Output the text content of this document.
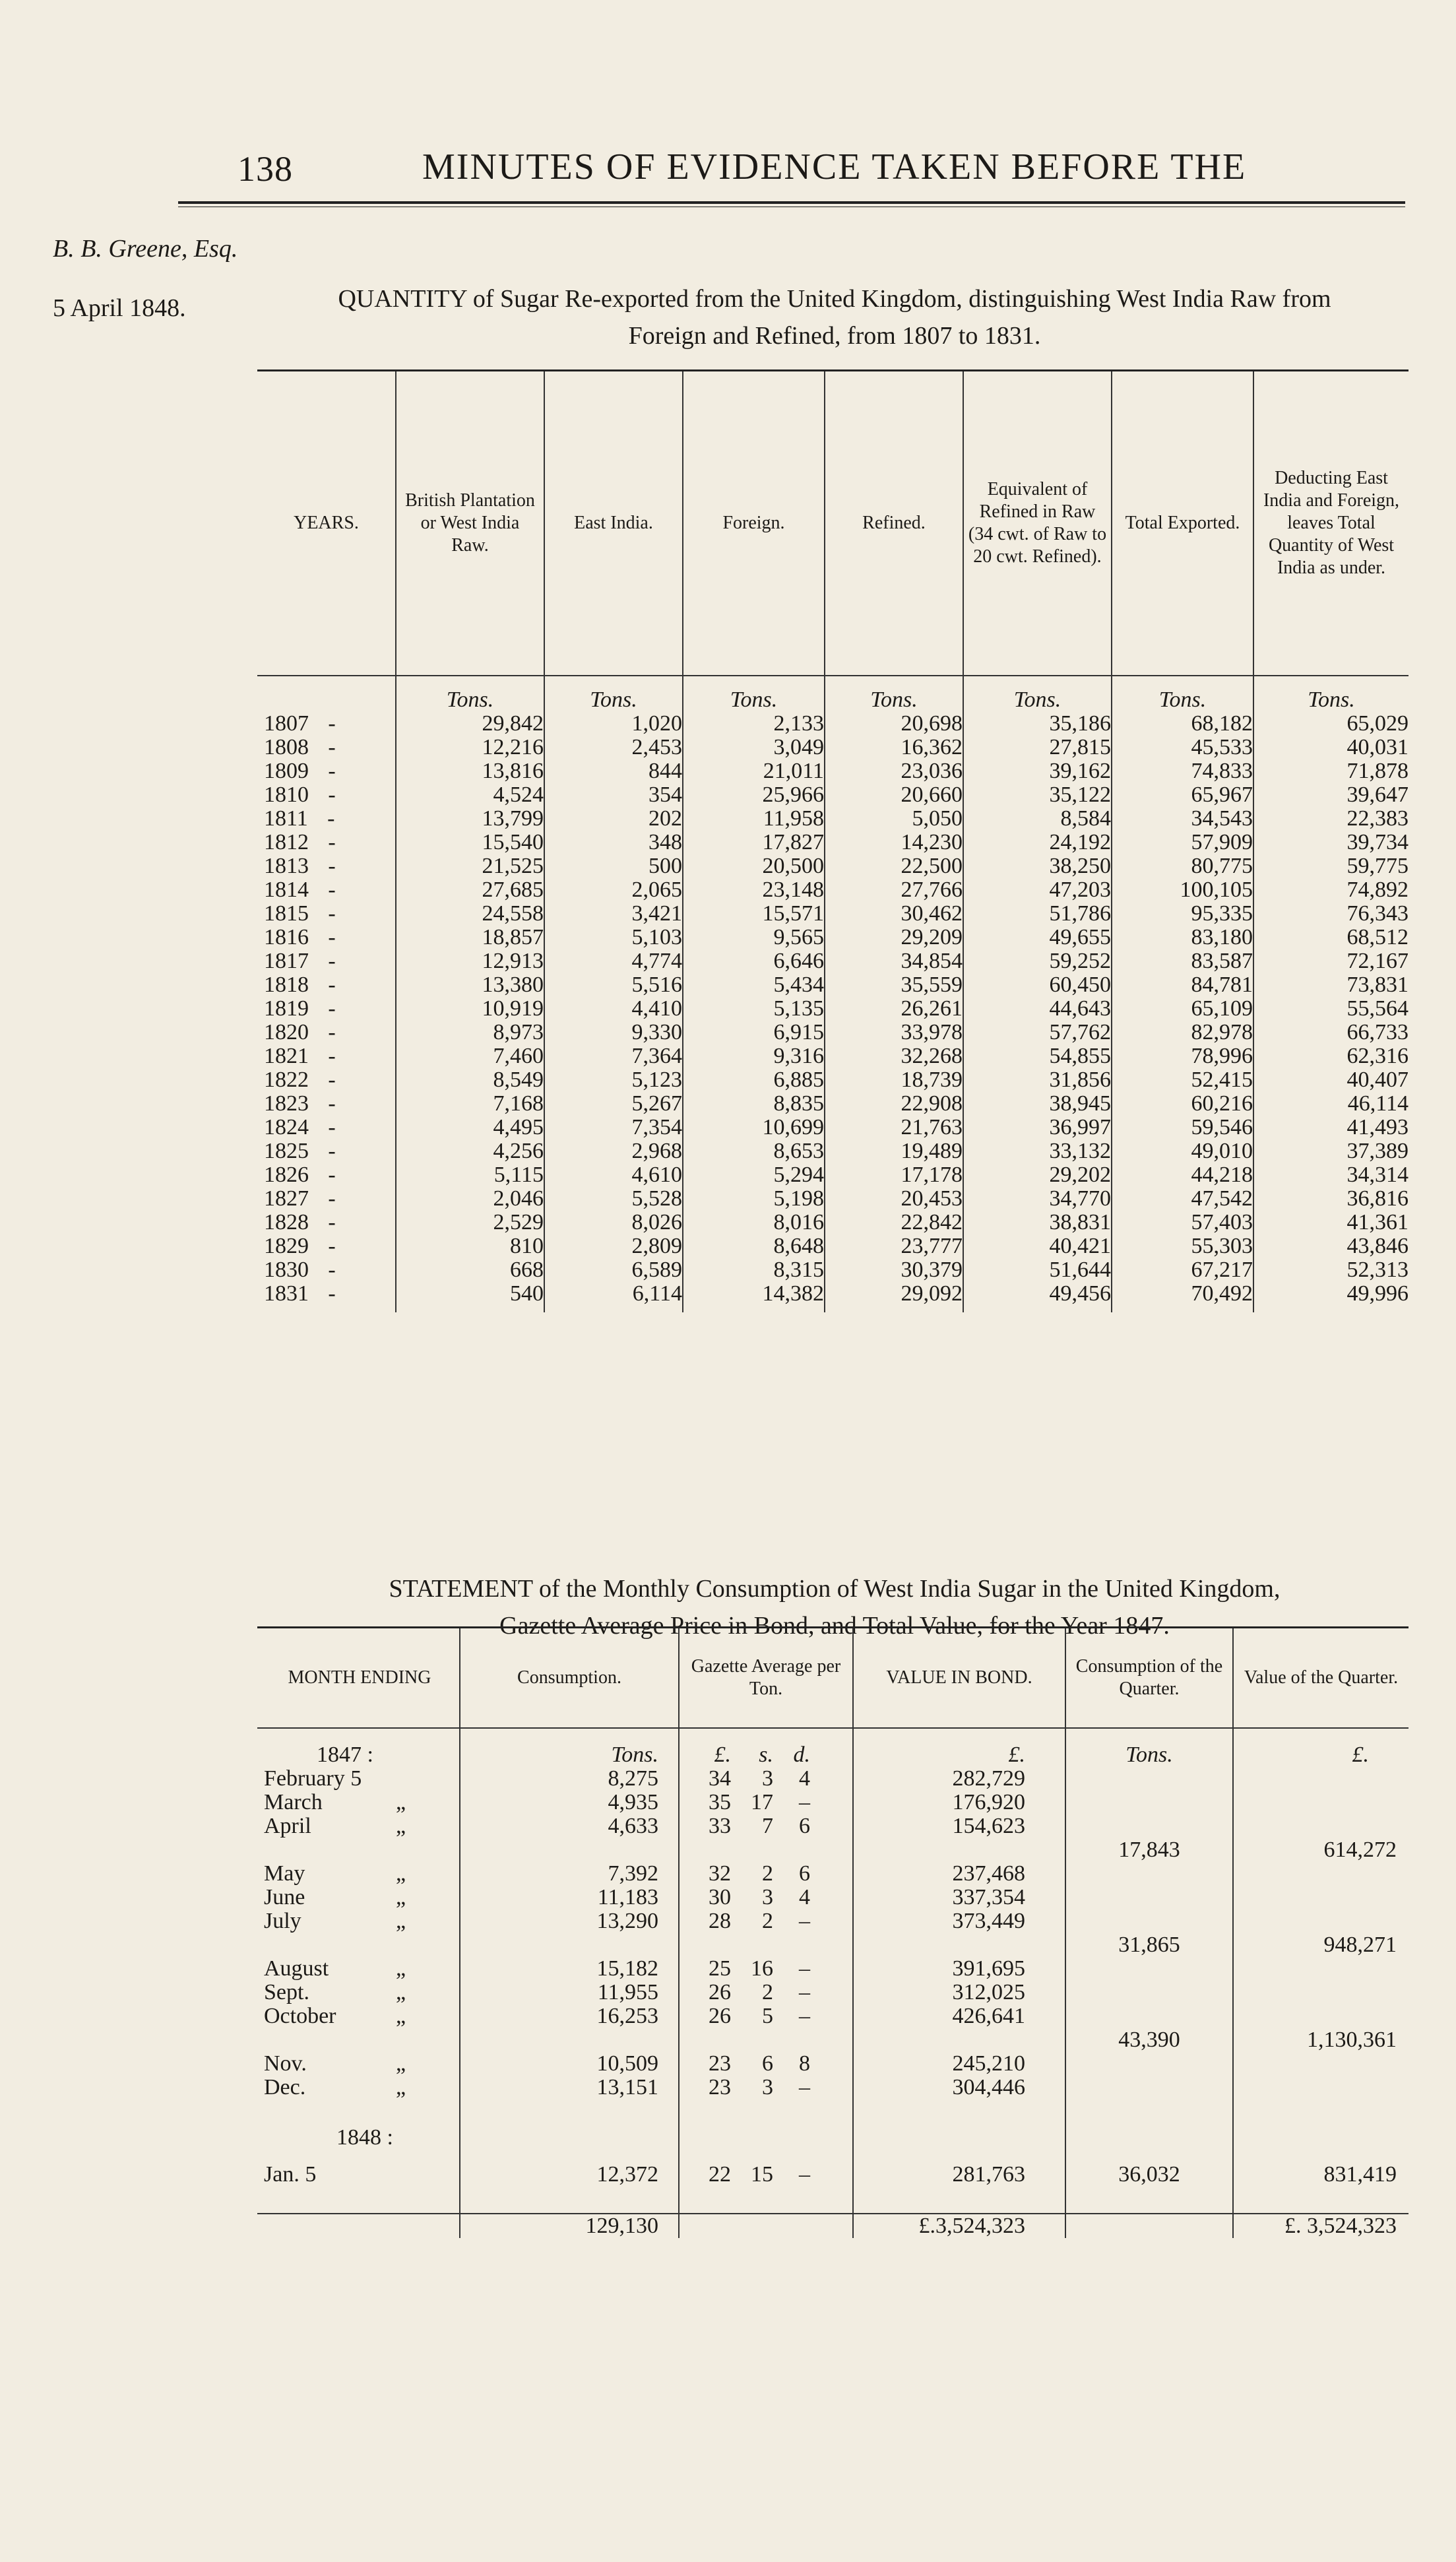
138	MINUTES OF EVIDENCE TAKEN BEFORE THE
B. B. Greene, Esq.
5 April 1848.	QUANTITY of Sugar Re-exported from the United Kingdom, distinguishing West India Raw from
Foreign and Refined, from 1807 to 1831.
YEARS.	British Plantation or West India Raw.	East India.	Foreign.	Refined.	Equivalent of Refined in Raw (34 cwt. of Raw to 20 cwt. Refined).	Total Exported.	Deducting East India and Foreign, leaves Total Quantity of West India as under.
	Tons.	Tons.	Tons.	Tons.	Tons.	Tons.	Tons.
1807 -	29,842	1,020	2,133	20,698	35,186	68,182	65,029
1808 -	12,216	2,453	3,049	16,362	27,815	45,533	40,031
1809 -	13,816	844	21,011	23,036	39,162	74,833	71,878
1810 -	4,524	354	25,966	20,660	35,122	65,967	39,647
1811 -	13,799	202	11,958	5,050	8,584	34,543	22,383
1812 -	15,540	348	17,827	14,230	24,192	57,909	39,734
1813 -	21,525	500	20,500	22,500	38,250	80,775	59,775
1814 -	27,685	2,065	23,148	27,766	47,203	100,105	74,892
1815 -	24,558	3,421	15,571	30,462	51,786	95,335	76,343
1816 -	18,857	5,103	9,565	29,209	49,655	83,180	68,512
1817 -	12,913	4,774	6,646	34,854	59,252	83,587	72,167
1818 -	13,380	5,516	5,434	35,559	60,450	84,781	73,831
1819 -	10,919	4,410	5,135	26,261	44,643	65,109	55,564
1820 -	8,973	9,330	6,915	33,978	57,762	82,978	66,733
1821 -	7,460	7,364	9,316	32,268	54,855	78,996	62,316
1822 -	8,549	5,123	6,885	18,739	31,856	52,415	40,407
1823 -	7,168	5,267	8,835	22,908	38,945	60,216	46,114
1824 -	4,495	7,354	10,699	21,763	36,997	59,546	41,493
1825 -	4,256	2,968	8,653	19,489	33,132	49,010	37,389
1826 -	5,115	4,610	5,294	17,178	29,202	44,218	34,314
1827 -	2,046	5,528	5,198	20,453	34,770	47,542	36,816
1828 -	2,529	8,026	8,016	22,842	38,831	57,403	41,361
1829 -	810	2,809	8,648	23,777	40,421	55,303	43,846
1830 -	668	6,589	8,315	30,379	51,644	67,217	52,313
1831 -	540	6,114	14,382	29,092	49,456	70,492	49,996
STATEMENT of the Monthly Consumption of West India Sugar in the United Kingdom,
Gazette Average Price in Bond, and Total Value, for the Year 1847.
MONTH ENDING	Consumption.	Gazette Average per Ton.	VALUE IN BOND.	Consumption of the Quarter.	Value of the Quarter.
1847 :	Tons.	£. s. d.	£.	Tons.	£.
February 5	8,275	34 3 4	282,729		
March „	4,935	35 17 –	176,920		
April „	4,633	33 7 6	154,623		
				17,843	614,272
May „	7,392	32 2 6	237,468		
June „	11,183	30 3 4	337,354		
July „	13,290	28 2 –	373,449		
				31,865	948,271
August „	15,182	25 16 –	391,695		
Sept. „	11,955	26 2 –	312,025		
October „	16,253	26 5 –	426,641		
				43,390	1,130,361
Nov. „	10,509	23 6 8	245,210		
Dec. „	13,151	23 3 –	304,446		

1848 :					
Jan. 5	12,372	22 15 –	281,763	36,032	831,419

	129,130		£.3,524,323		£. 3,524,323
